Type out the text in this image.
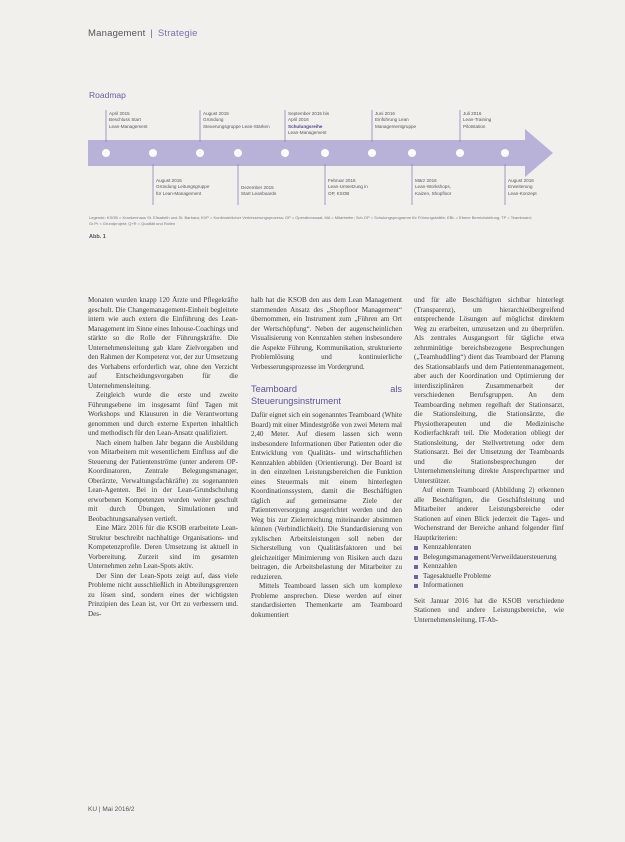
Management | Strategie
Roadmap
April 2015
Beschluss Start
Lean-Management
August 2015
Gründung
Steuerungsgruppe Lean-Stärken
September 2015 bis
April 2016
Schulungsreihe
Lean-Management
Juni 2016
Einführung Lean
Managementgruppe
Juli 2016
Lean-Training
Pilotstation
August 2015
Gründung Leitungsgruppe
für Lean-Management
Dezember 2015
Start Leanboards
Februar 2016
Lean-Umsetzung in
OP, KSOB
März 2016
Lean-Workshops,
Kaizen, Shopfloor
August 2016
Erweiterung
Lean-Konzept
Legende: KSOB = Krankenhaus St. Elisabeth und St. Barbara; KVP = Kontinuierlicher Verbesserungsprozess; OP = Operationssaal; MA = Mitarbeiter; Sch.OP = Schulungsprogramm für Führungskräfte; EBL = Ebene Bereichsleitung; TP = Teamboard; Gr.Pr = Grundprojekt; Q+R = Qualität und Rollen
Abb. 1

Monaten wurden knapp 120 Ärzte und Pflegekräfte geschult. Die Changemanagement-Einheit begleitete intern wie auch extern die Einführung des Lean-Management im Sinne eines Inhouse-Coachings und stärkte so die Rolle der Führungskräfte. Die Unternehmensleitung gab klare Zielvorgaben und den Rahmen der Kompetenz vor, der zur Umsetzung des Vorhabens erforderlich war, ohne den Verzicht auf Entscheidungsvorgaben für die Unternehmensleitung.

Zeitgleich wurde die erste und zweite Führungsebene im insgesamt fünf Tagen mit Workshops und Klausuren in die Verantwortung genommen und durch externe Experten inhaltlich und methodisch für den Lean-Ansatz qualifiziert.

Nach einem halben Jahr begann die Ausbildung von Mitarbeitern mit wesentlichem Einfluss auf die Steuerung der Patientenströme (unter anderem OP-Koordinatoren, Zentrale Belegungsmanager, Oberärzte, Verwaltungsfachkräfte) zu sogenannten Lean-Agenten. Bei in der Lean-Grundschulung erworbenen Kompetenzen wurden weiter geschult mit durch Übungen, Simulationen und Beobachtungsanalysen vertieft.

Eine März 2016 für die KSOB erarbeitete Lean-Struktur beschreibt nachhaltige Organisations- und Kompetenzprofile. Deren Umsetzung ist aktuell in Vorbereitung. Zurzeit sind im gesamten Unternehmen zehn Lean-Spots aktiv.

Der Sinn der Lean-Spots zeigt auf, dass viele Probleme nicht ausschließlich in Abteilungsgrenzen zu lösen sind, sondern eines der wichtigsten Prinzipien des Lean ist, vor Ort zu verbessern und. Des-

halb hat die KSOB den aus dem Lean Management stammenden Ansatz des „Shopfloor Management“ übernommen, ein Instrument zum „Führen am Ort der Wertschöpfung“. Neben der augenscheinlichen Visualisierung von Kennzahlen stehen insbesondere die Aspekte Führung, Kommunikation, strukturierte Problemlösung und kontinuierliche Verbesserungsprozesse im Vordergrund.

Teamboard als Steuerungsinstrument

Dafür eignet sich ein sogenanntes Teamboard (White Board) mit einer Mindestgröße von zwei Metern mal 2,40 Meter. Auf diesem lassen sich wenn insbesondere Informationen über Patienten oder die Entwicklung von Qualitäts- und wirtschaftlichen Kennzahlen abbilden (Orientierung). Der Board ist in den einzelnen Leistungsbereichen die Funktion eines Steuermals mit einem hinterlegten Koordinationssystem, damit die Beschäftigten täglich auf gemeinsame Ziele der Patientenversorgung ausgerichtet werden und den Weg bis zur Zielerreichung miteinander absimmen können (Verbindlichkeit). Die Standardisierung von zyklischen Arbeitsleistungen soll neben der Sicherstellung von Qualitätsfaktoren und bei gleichzeitiger Minimierung von Risiken auch dazu beitragen, die Arbeitsbelastung der Mitarbeiter zu reduzieren.

Mittels Teamboard lassen sich um komplexe Probleme ansprechen. Diese werden auf einer standardisierten Themenkarte am Teamboard dokumentiert

und für alle Beschäftigten sichtbar hinterlegt (Transparenz), um hierarchieübergreifend entsprechende Lösungen auf möglichst direktem Weg zu erarbeiten, umzusetzen und zu überprüfen. Als zentrales Ausgangsort für tägliche etwa zehnminütige bereichsbezogene Besprechungen („Teamhuddling“) dient das Teamboard der Planung des Stationsablaufs und dem Patientenmanagement, aber auch der Koordination und Optimierung der interdisziplinären Zusammenarbeit der verschiedenen Berufsgruppen. An dem Teamboarding nehmen regelhaft der Stationsarzt, die Stationsleitung, die Stationsärzte, die Physiotherapeuten und die Medizinische Kodierfachkraft teil. Die Moderation obliegt der Stationsleitung, der Stellvertretung oder dem Stationsarzt. Bei der Umsetzung der Teamboards und die Stationsbesprechungen der Unternehmensleitung direkte Ansprechpartner und Unterstützer.

Auf einem Teamboard (Abbildung 2) erkennen alle Beschäftigten, die Geschäftsleitung und Mitarbeiter anderer Leistungsbereiche oder Stationen auf einen Blick jederzeit die Tages- und Wochenstrand der Bereiche anhand folgender fünf Hauptkriterien:

Kennzahlenraten
Belegungsmanagement/Verweildauersteuerung
Kennzahlen
Tagesaktuelle Probleme
Informationen

Seit Januar 2016 hat die KSOB verschiedene Stationen und andere Leistungsbereiche, wie Unternehmensleitung, IT-Ab-

KU | Mai 2016/2
